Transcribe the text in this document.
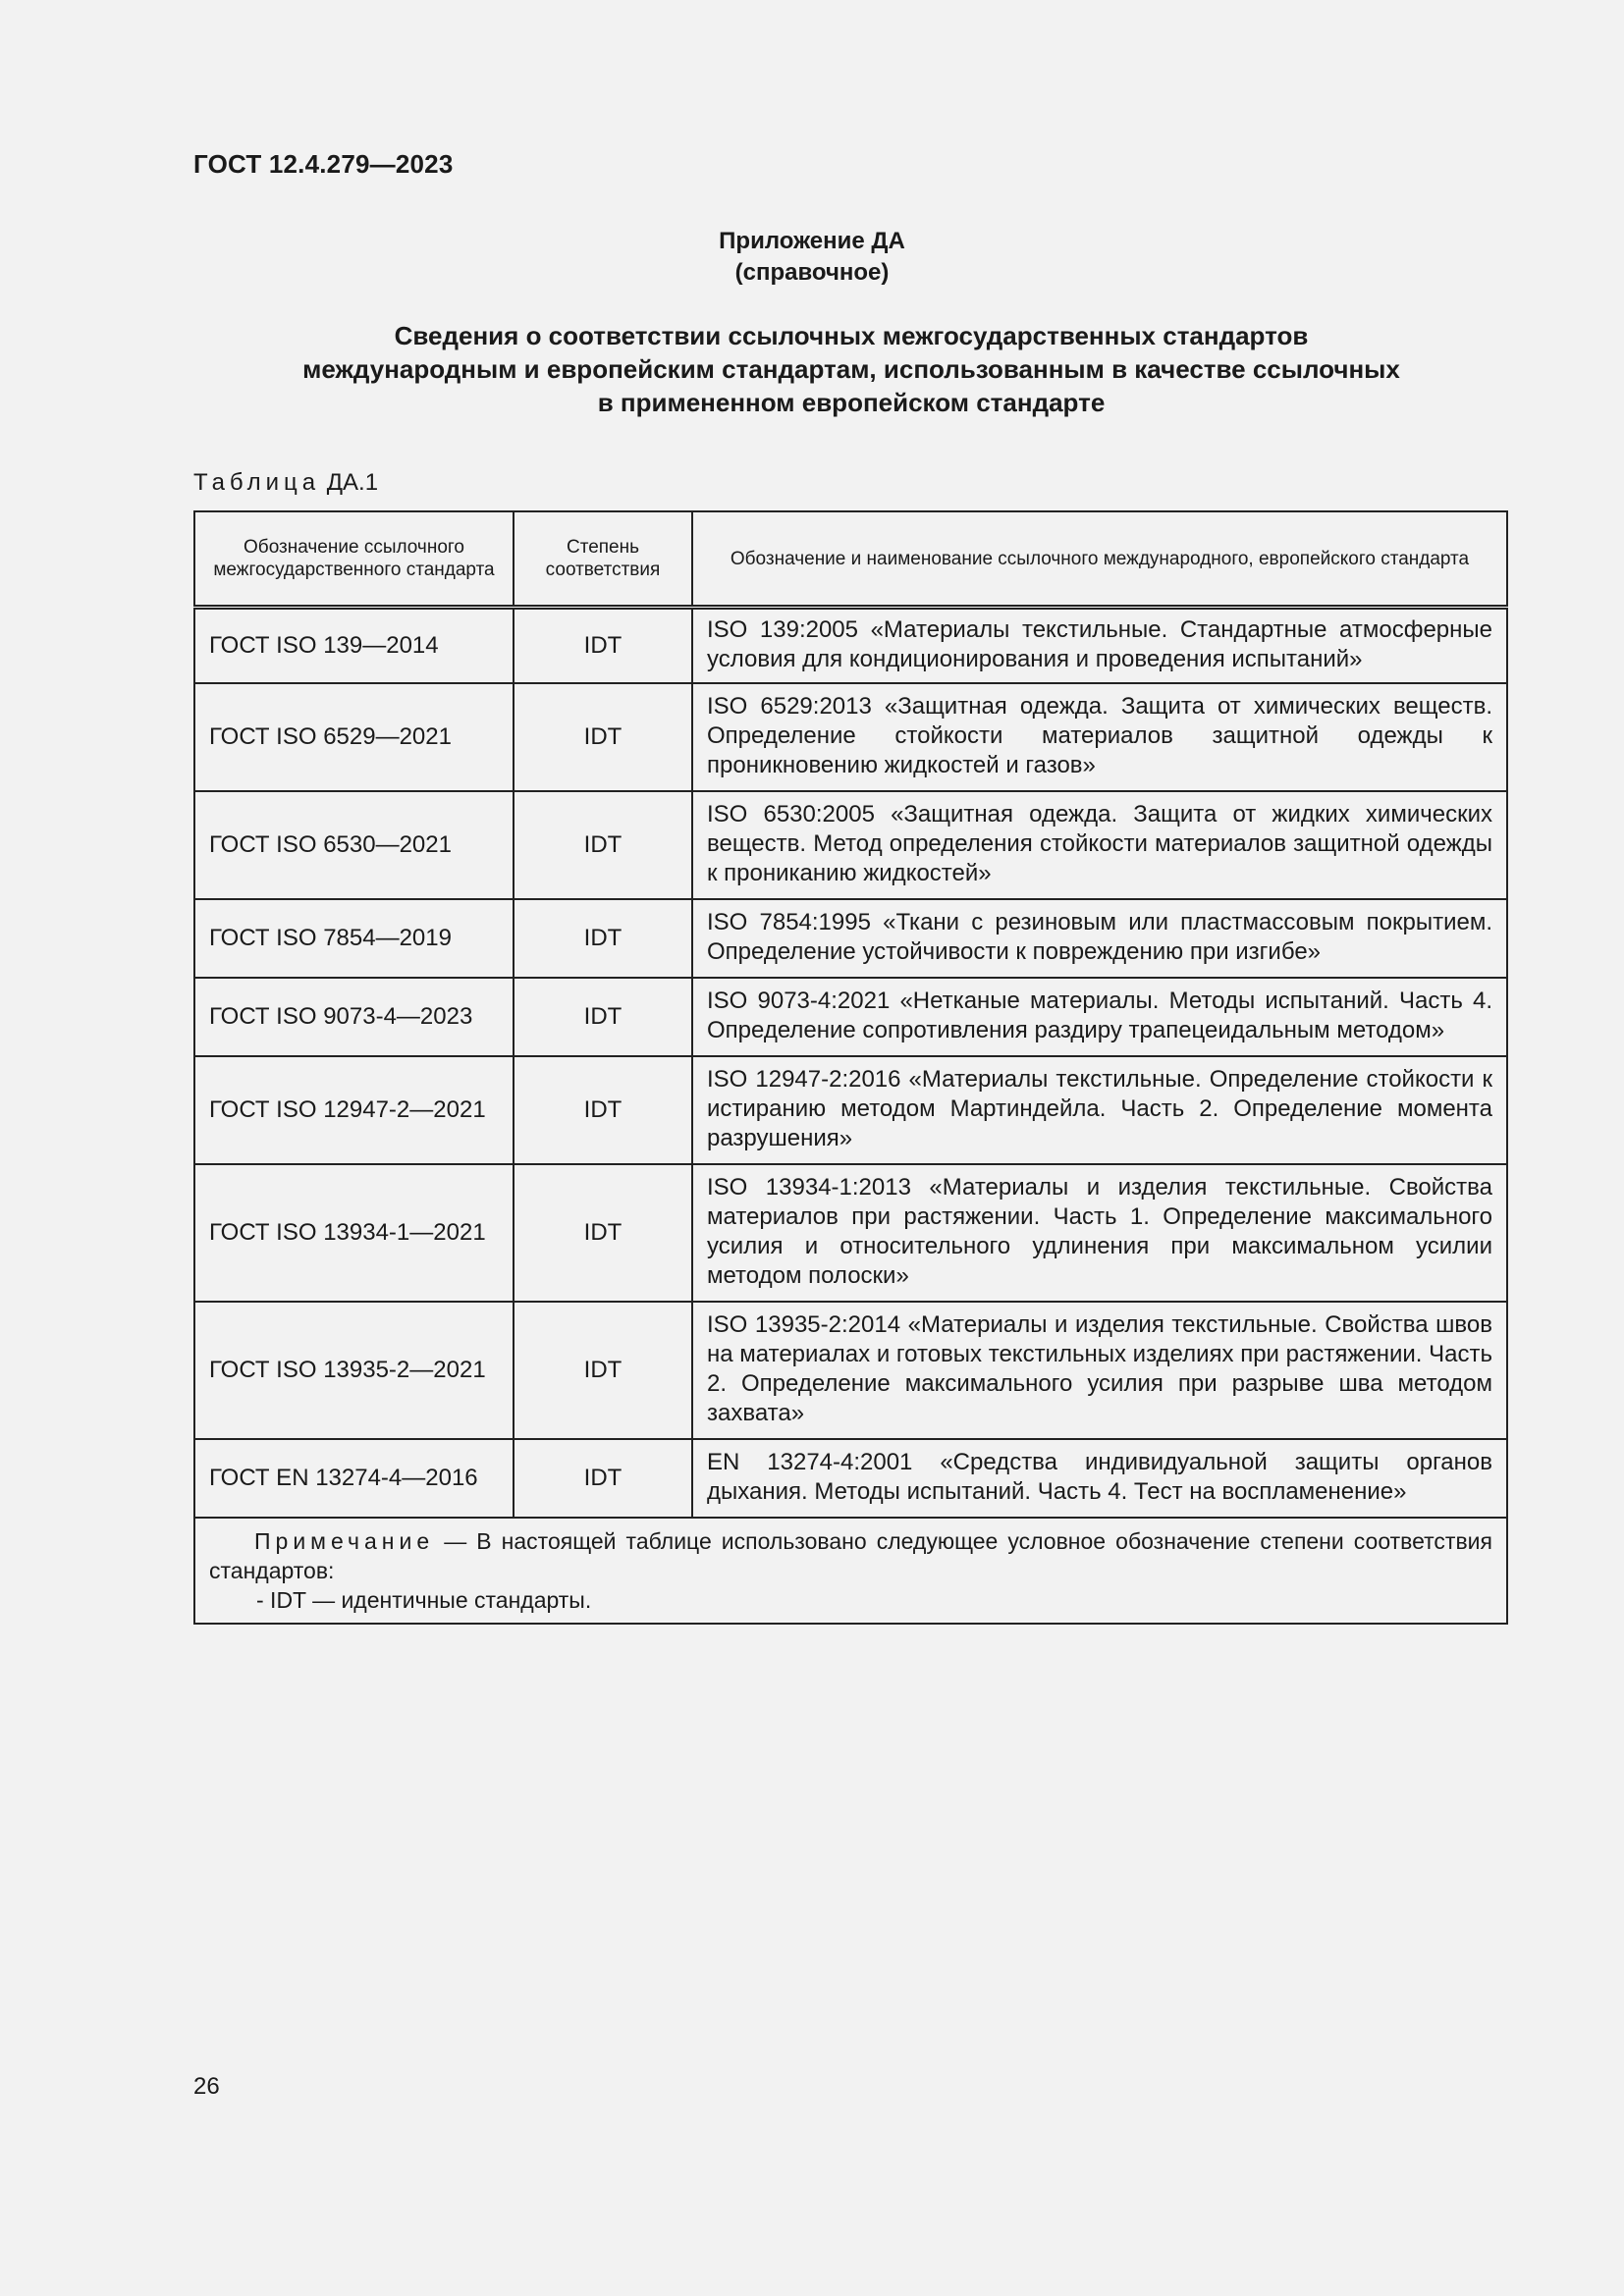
ГОСТ 12.4.279—2023
Приложение ДА
(справочное)
Сведения о соответствии ссылочных межгосударственных стандартов
международным и европейским стандартам, использованным в качестве ссылочных
в примененном европейском стандарте
Таблица ДА.1
Обозначение ссылочного межгосударственного стандарта	Степень соответствия	Обозначение и наименование ссылочного международного, европейского стандарта
ГОСТ ISO 139—2014	IDT	ISO 139:2005 «Материалы текстильные. Стандартные атмосферные условия для кондиционирования и проведения испытаний»
ГОСТ ISO 6529—2021	IDT	ISO 6529:2013 «Защитная одежда. Защита от химических веществ. Определение стойкости материалов защитной одежды к проникновению жидкостей и газов»
ГОСТ ISO 6530—2021	IDT	ISO 6530:2005 «Защитная одежда. Защита от жидких химических веществ. Метод определения стойкости материалов защитной одежды к прониканию жидкостей»
ГОСТ ISO 7854—2019	IDT	ISO 7854:1995 «Ткани с резиновым или пластмассовым покрытием. Определение устойчивости к повреждению при изгибе»
ГОСТ ISO 9073-4—2023	IDT	ISO 9073-4:2021 «Нетканые материалы. Методы испытаний. Часть 4. Определение сопротивления раздиру трапецеидальным методом»
ГОСТ ISO 12947-2—2021	IDT	ISO 12947-2:2016 «Материалы текстильные. Определение стойкости к истиранию методом Мартиндейла. Часть 2. Определение момента разрушения»
ГОСТ ISO 13934-1—2021	IDT	ISO 13934-1:2013 «Материалы и изделия текстильные. Свойства материалов при растяжении. Часть 1. Определение максимального усилия и относительного удлинения при максимальном усилии методом полоски»
ГОСТ ISO 13935-2—2021	IDT	ISO 13935-2:2014 «Материалы и изделия текстильные. Свойства швов на материалах и готовых текстильных изделиях при растяжении. Часть 2. Определение максимального усилия при разрыве шва методом захвата»
ГОСТ EN 13274-4—2016	IDT	EN 13274-4:2001 «Средства индивидуальной защиты органов дыхания. Методы испытаний. Часть 4. Тест на воспламенение»

Примечание — В настоящей таблице использовано следующее условное обозначение степени соответствия стандартов:

- IDT — идентичные стандарты.		

26
